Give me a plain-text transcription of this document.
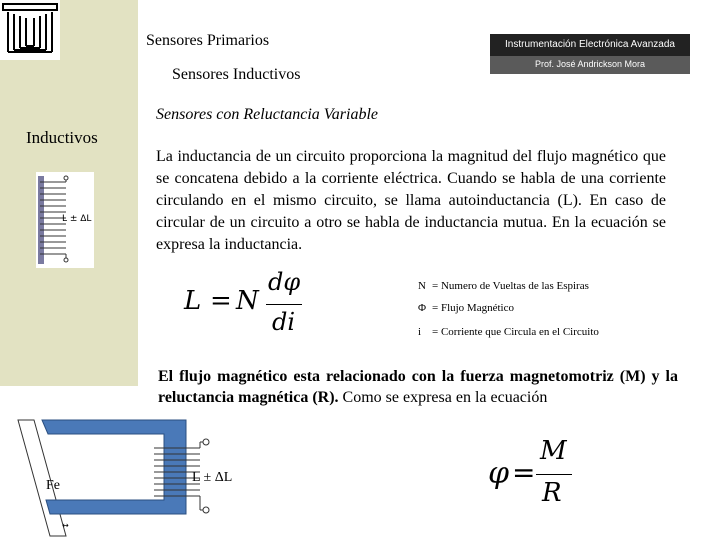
Sensores Primarios
Sensores Inductivos
Instrumentación Electrónica Avanzada
Prof. José Andrickson Mora
Inductivos
L ± ΔL
Sensores con Reluctancia Variable
La inductancia de un circuito proporciona la magnitud del flujo magnético que se concatena debido a la corriente eléctrica. Cuando se habla de una corriente circulando en el mismo circuito, se llama autoinductancia (L). En caso de circular de un circuito a otro se habla de inductancia mutua. En la ecuación se expresa la inductancia.
L = N
dφ
di
N = Numero de Vueltas de las Espiras
Φ = Flujo Magnético
i = Corriente que Circula en el Circuito
El flujo magnético esta relacionado con la fuerza magnetomotriz (M) y la reluctancia magnética (R). Como se expresa en la ecuación
↔
Fe
L ± ΔL	φ =
M
R
